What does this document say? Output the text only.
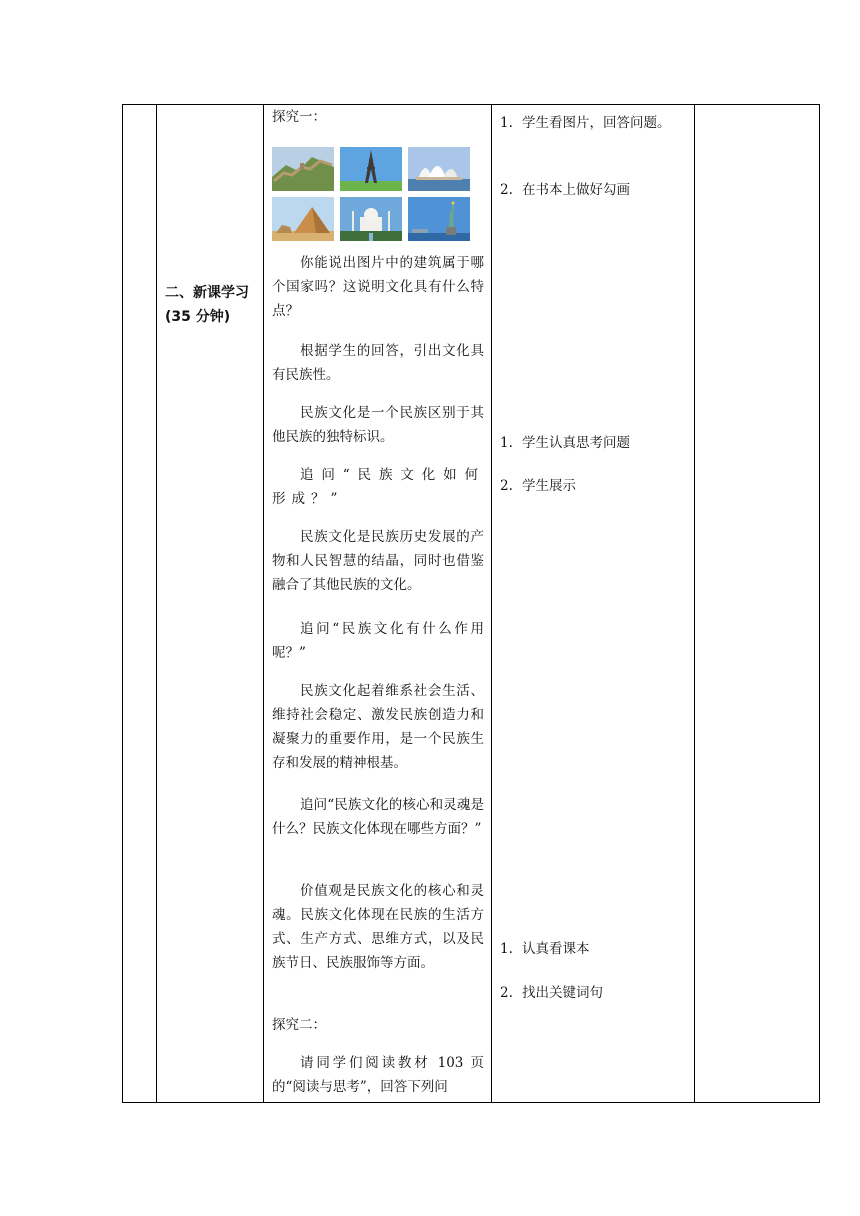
二、新课学习
(35 分钟)
探究一：
你能说出图片中的建筑属于哪个国家吗？这说明文化具有什么特点？
根据学生的回答，引出文化具有民族性。
民族文化是一个民族区别于其他民族的独特标识。
追问“民族文化如何形成？”
民族文化是民族历史发展的产物和人民智慧的结晶，同时也借鉴融合了其他民族的文化。
追问“民族文化有什么作用呢？”
民族文化起着维系社会生活、维持社会稳定、激发民族创造力和凝聚力的重要作用，是一个民族生存和发展的精神根基。
追问“民族文化的核心和灵魂是什么？民族文化体现在哪些方面？”
价值观是民族文化的核心和灵魂。民族文化体现在民族的生活方式、生产方式、思维方式，以及民族节日、民族服饰等方面。
探究二：
请同学们阅读教材 103 页的“阅读与思考”，回答下列问
1. 学生看图片，回答问题。
2. 在书本上做好勾画
1. 学生认真思考问题
2. 学生展示
1. 认真看课本
2. 找出关键词句
